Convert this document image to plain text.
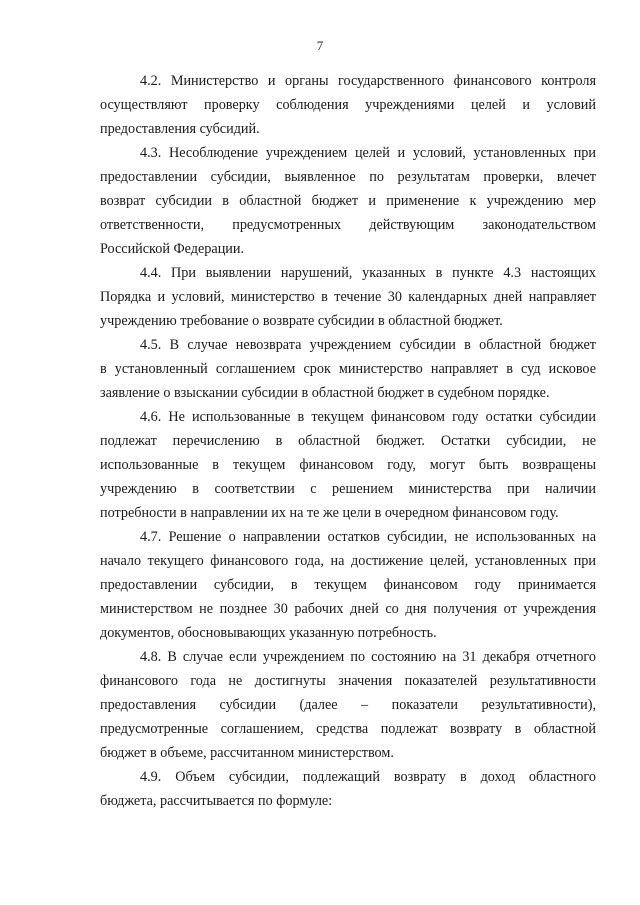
7

4.2. Министерство и органы государственного финансового контроля
осуществляют проверку соблюдения учреждениями целей и условий
предоставления субсидий.

4.3. Несоблюдение учреждением целей и условий, установленных при
предоставлении субсидии, выявленное по результатам проверки, влечет
возврат субсидии в областной бюджет и применение к учреждению мер
ответственности, предусмотренных действующим законодательством
Российской Федерации.

4.4. При выявлении нарушений, указанных в пункте 4.3 настоящих
Порядка и условий, министерство в течение 30 календарных дней направляет
учреждению требование о возврате субсидии в областной бюджет.

4.5. В случае невозврата учреждением субсидии в областной бюджет
в установленный соглашением срок министерство направляет в суд исковое
заявление о взыскании субсидии в областной бюджет в судебном порядке.

4.6. Не использованные в текущем финансовом году остатки субсидии
подлежат перечислению в областной бюджет. Остатки субсидии, не
использованные в текущем финансовом году, могут быть возвращены
учреждению в соответствии с решением министерства при наличии
потребности в направлении их на те же цели в очередном финансовом году.

4.7. Решение о направлении остатков субсидии, не использованных на
начало текущего финансового года, на достижение целей, установленных при
предоставлении субсидии, в текущем финансовом году принимается
министерством не позднее 30 рабочих дней со дня получения от учреждения
документов, обосновывающих указанную потребность.

4.8. В случае если учреждением по состоянию на 31 декабря отчетного
финансового года не достигнуты значения показателей результативности
предоставления субсидии (далее – показатели результативности),
предусмотренные соглашением, средства подлежат возврату в областной
бюджет в объеме, рассчитанном министерством.

4.9. Объем субсидии, подлежащий возврату в доход областного
бюджета, рассчитывается по формуле:
